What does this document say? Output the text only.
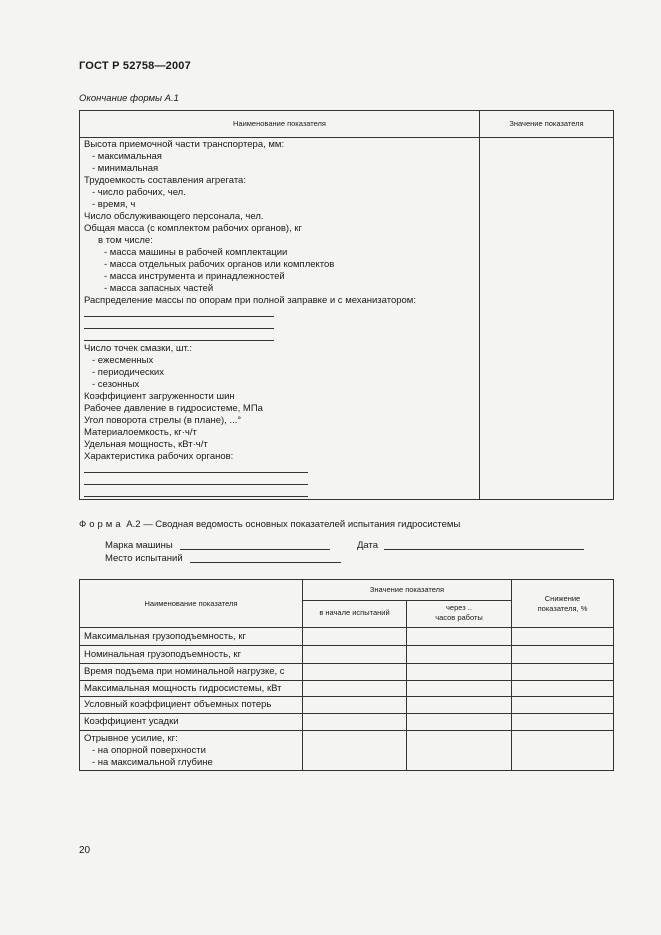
ГОСТ Р 52758—2007
Окончание формы А.1
Наименование показателя	Значение показателя
Высота приемочной части транспортера, мм:
- максимальная
- минимальная
Трудоемкость составления агрегата:
- число рабочих, чел.
- время, ч
Число обслуживающего персонала, чел.
Общая масса (с комплектом рабочих органов), кг
в том числе:
- масса машины в рабочей комплектации
- масса отдельных рабочих органов или комплектов
- масса инструмента и принадлежностей
- масса запасных частей
Распределение массы по опорам при полной заправке и с механизатором:
Число точек смазки, шт.:
- ежесменных
- периодических
- сезонных
Коэффициент загруженности шин
Рабочее давление в гидросистеме, МПа
Угол поворота стрелы (в плане), ...°
Материалоемкость, кг·ч/т
Удельная мощность, кВт·ч/т
Характеристика рабочих органов:
Форма А.2 — Сводная ведомость основных показателей испытания гидросистемы
Марка машины	Дата
Место испытаний
Наименование показателя
Значение показателя
в начале испытаний
через ..
часов работы
Снижение
показателя, %
Максимальная грузоподъемность, кг
Номинальная грузоподъемность, кг
Время подъема при номинальной нагрузке, с
Максимальная мощность гидросистемы, кВт
Условный коэффициент объемных потерь
Коэффициент усадки
Отрывное усилие, кг:
- на опорной поверхности
- на максимальной глубине
20
